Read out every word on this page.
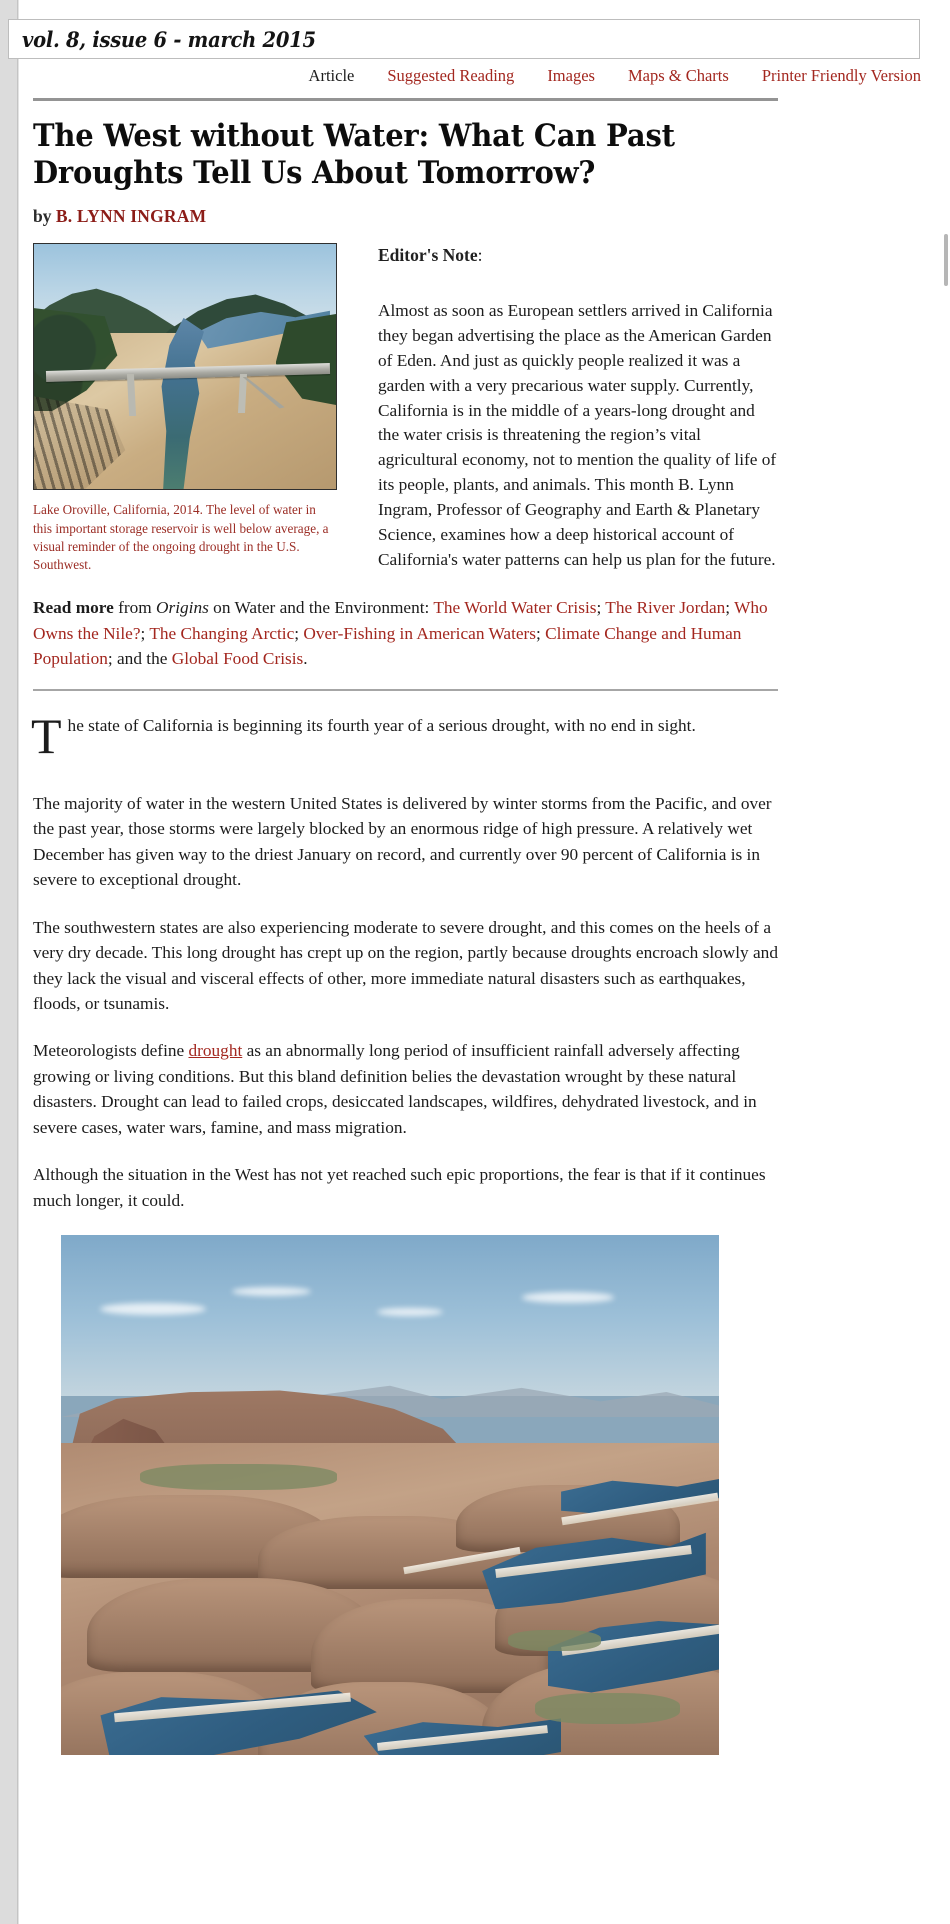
vol. 8, issue 6 - march 2015
Article Suggested Reading Images Maps & Charts Printer Friendly Version
The West without Water: What Can Past Droughts Tell Us About Tomorrow?
by B. LYNN INGRAM
Lake Oroville, California, 2014. The level of water in this important storage reservoir is well below average, a visual reminder of the ongoing drought in the U.S. Southwest.
Editor's Note:
Almost as soon as European settlers arrived in California they began advertising the place as the American Garden of Eden. And just as quickly people realized it was a garden with a very precarious water supply. Currently, California is in the middle of a years-long drought and the water crisis is threatening the region’s vital agricultural economy, not to mention the quality of life of its people, plants, and animals. This month B. Lynn Ingram, Professor of Geography and Earth & Planetary Science, examines how a deep historical account of California's water patterns can help us plan for the future.
Read more from Origins on Water and the Environment: The World Water Crisis; The River Jordan; Who Owns the Nile?; The Changing Arctic; Over-Fishing in American Waters; Climate Change and Human Population; and the Global Food Crisis.

The state of California is beginning its fourth year of a serious drought, with no end in sight.

The majority of water in the western United States is delivered by winter storms from the Pacific, and over the past year, those storms were largely blocked by an enormous ridge of high pressure. A relatively wet December has given way to the driest January on record, and currently over 90 percent of California is in severe to exceptional drought.

The southwestern states are also experiencing moderate to severe drought, and this comes on the heels of a very dry decade. This long drought has crept up on the region, partly because droughts encroach slowly and they lack the visual and visceral effects of other, more immediate natural disasters such as earthquakes, floods, or tsunamis.

Meteorologists define drought as an abnormally long period of insufficient rainfall adversely affecting growing or living conditions. But this bland definition belies the devastation wrought by these natural disasters. Drought can lead to failed crops, desiccated landscapes, wildfires, dehydrated livestock, and in severe cases, water wars, famine, and mass migration.

Although the situation in the West has not yet reached such epic proportions, the fear is that if it continues much longer, it could.
